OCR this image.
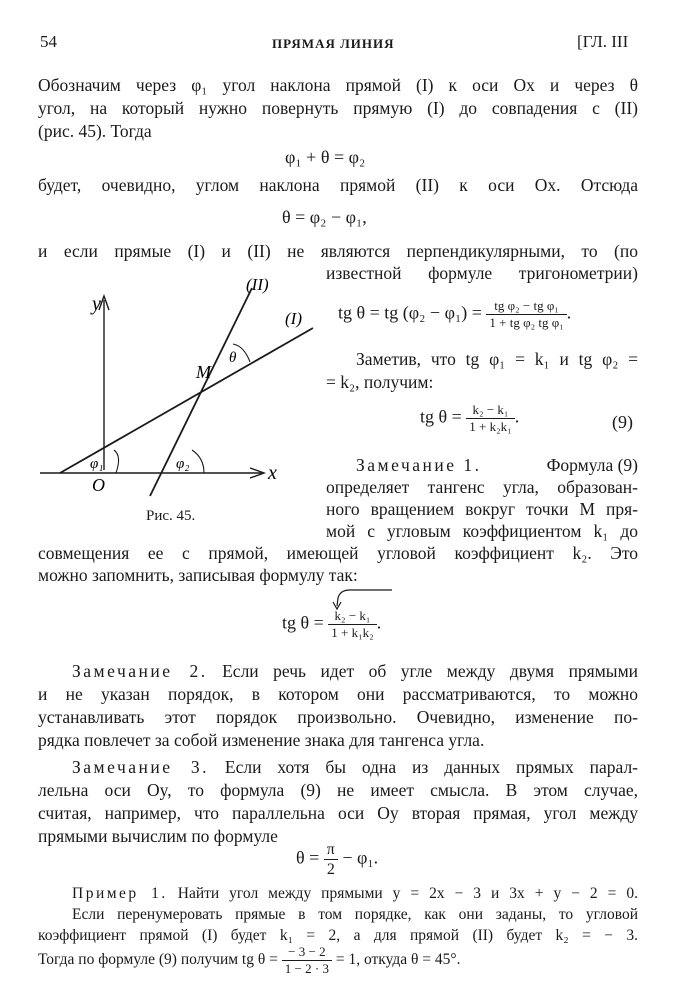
54	ПРЯМАЯ ЛИНИЯ	[ГЛ. III
Обозначим через φ₁ угол наклона прямой (I) к оси Ox и через θ
угол, на который нужно повернуть прямую (I) до совпадения с (II)
(рис. 45). Тогда
φ₁ + θ = φ₂
будет, очевидно, углом наклона прямой (II) к оси Ox. Отсюда
θ = φ₂ − φ₁,
и если прямые (I) и (II) не являются перпендикулярными, то (по
известной формуле тригонометрии)
tg θ = tg $(\varphi_2 - \varphi_1) = \frac{\text{tg φ₂ − tg φ₁}}{\text{1 + tg φ₂ tg φ₁}}$ .
Заметив, что tg φ₁ = k₁ и tg φ₂ =
= k₂, получим:
tg $\theta = \frac{\text{k₂ − k₁}}{\text{1 + k₂k₁}}$ .	(9)
Замечание 1.	Формула (9)
определяет тангенс угла, образован-
ного вращением вокруг точки M пря-
мой с угловым коэффициентом k₁ до
совмещения ее с прямой, имеющей угловой коэффициент k₂. Это
можно запомнить, записывая формулу так:
tg $\theta = \frac{\text{k₂ − k₁}}{\text{1 + k₁k₂}}$ .
Замечание 2. Если речь идет об угле между двумя прямыми
и не указан порядок, в котором они рассматриваются, то можно
устанавливать этот порядок произвольно. Очевидно, изменение по-
рядка повлечет за собой изменение знака для тангенса угла.
Замечание 3. Если хотя бы одна из данных прямых парал-
лельна оси Oy, то формула (9) не имеет смысла. В этом случае,
считая, например, что параллельна оси Oy вторая прямая, угол между
прямыми вычислим по формуле
$\theta = \frac{\pi}{2} - \varphi_1$.
Пример 1. Найти угол между прямыми y = 2x − 3 и 3x + y − 2 = 0.
Если перенумеровать прямые в том порядке, как они заданы, то угловой
коэффициент прямой (I) будет k₁ = 2, а для прямой (II) будет k₂ = − 3.
Тогда по формуле (9) получим tg $\theta = \frac{- 3 - 2}{1 - 2 \cdot 3} = 1$, откуда θ = 45°.
y
x
O
(I)
(II)
M
θ
φ₁	φ₂
Рис. 45.
